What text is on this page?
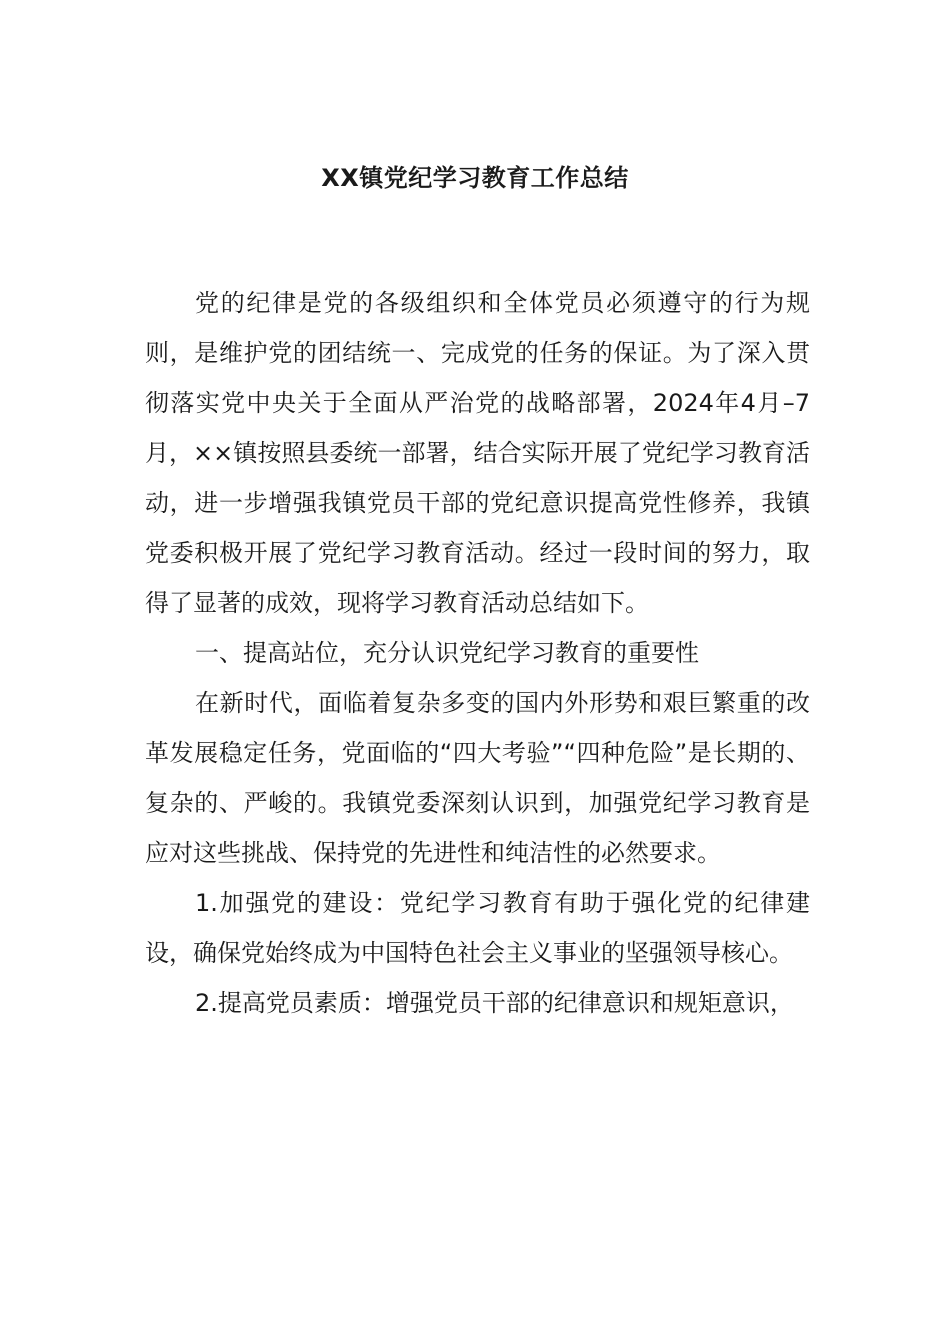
XX镇党纪学习教育工作总结

党的纪律是党的各级组织和全体党员必须遵守的行为规则，是维护党的团结统一、完成党的任务的保证。为了深入贯彻落实党中央关于全面从严治党的战略部署，2024年4月–7月，××镇按照县委统一部署，结合实际开展了党纪学习教育活动，进一步增强我镇党员干部的党纪意识提高党性修养，我镇党委积极开展了党纪学习教育活动。经过一段时间的努力，取得了显著的成效，现将学习教育活动总结如下。

一、提高站位，充分认识党纪学习教育的重要性

在新时代，面临着复杂多变的国内外形势和艰巨繁重的改革发展稳定任务，党面临的“四大考验”“四种危险”是长期的、复杂的、严峻的。我镇党委深刻认识到，加强党纪学习教育是应对这些挑战、保持党的先进性和纯洁性的必然要求。

1.加强党的建设：党纪学习教育有助于强化党的纪律建设，确保党始终成为中国特色社会主义事业的坚强领导核心。

2.提高党员素质：增强党员干部的纪律意识和规矩意识，
